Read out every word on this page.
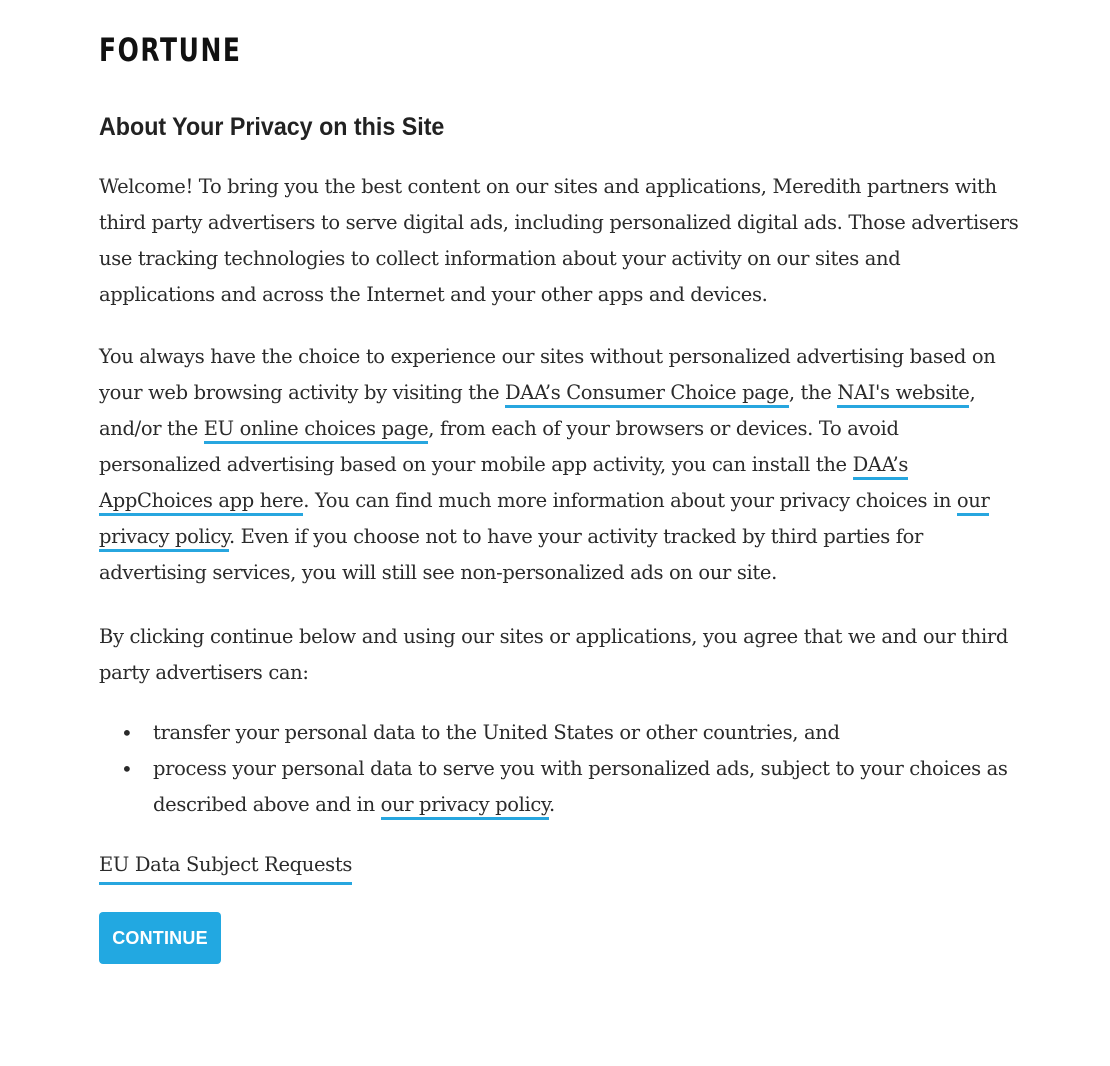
FORTUNE
About Your Privacy on this Site

Welcome! To bring you the best content on our sites and applications, Meredith partners with third party advertisers to serve digital ads, including personalized digital ads. Those advertisers use tracking technologies to collect information about your activity on our sites and applications and across the Internet and your other apps and devices.

You always have the choice to experience our sites without personalized advertising based on your web browsing activity by visiting the DAA’s Consumer Choice page, the NAI's website, and/or the EU online choices page, from each of your browsers or devices. To avoid personalized advertising based on your mobile app activity, you can install the DAA’s AppChoices app here. You can find much more information about your privacy choices in our privacy policy. Even if you choose not to have your activity tracked by third parties for advertising services, you will still see non-personalized ads on our site.

By clicking continue below and using our sites or applications, you agree that we and our third party advertisers can:

• transfer your personal data to the United States or other countries, and
• process your personal data to serve you with personalized ads, subject to your choices as described above and in our privacy policy.
EU Data Subject Requests
CONTINUE
